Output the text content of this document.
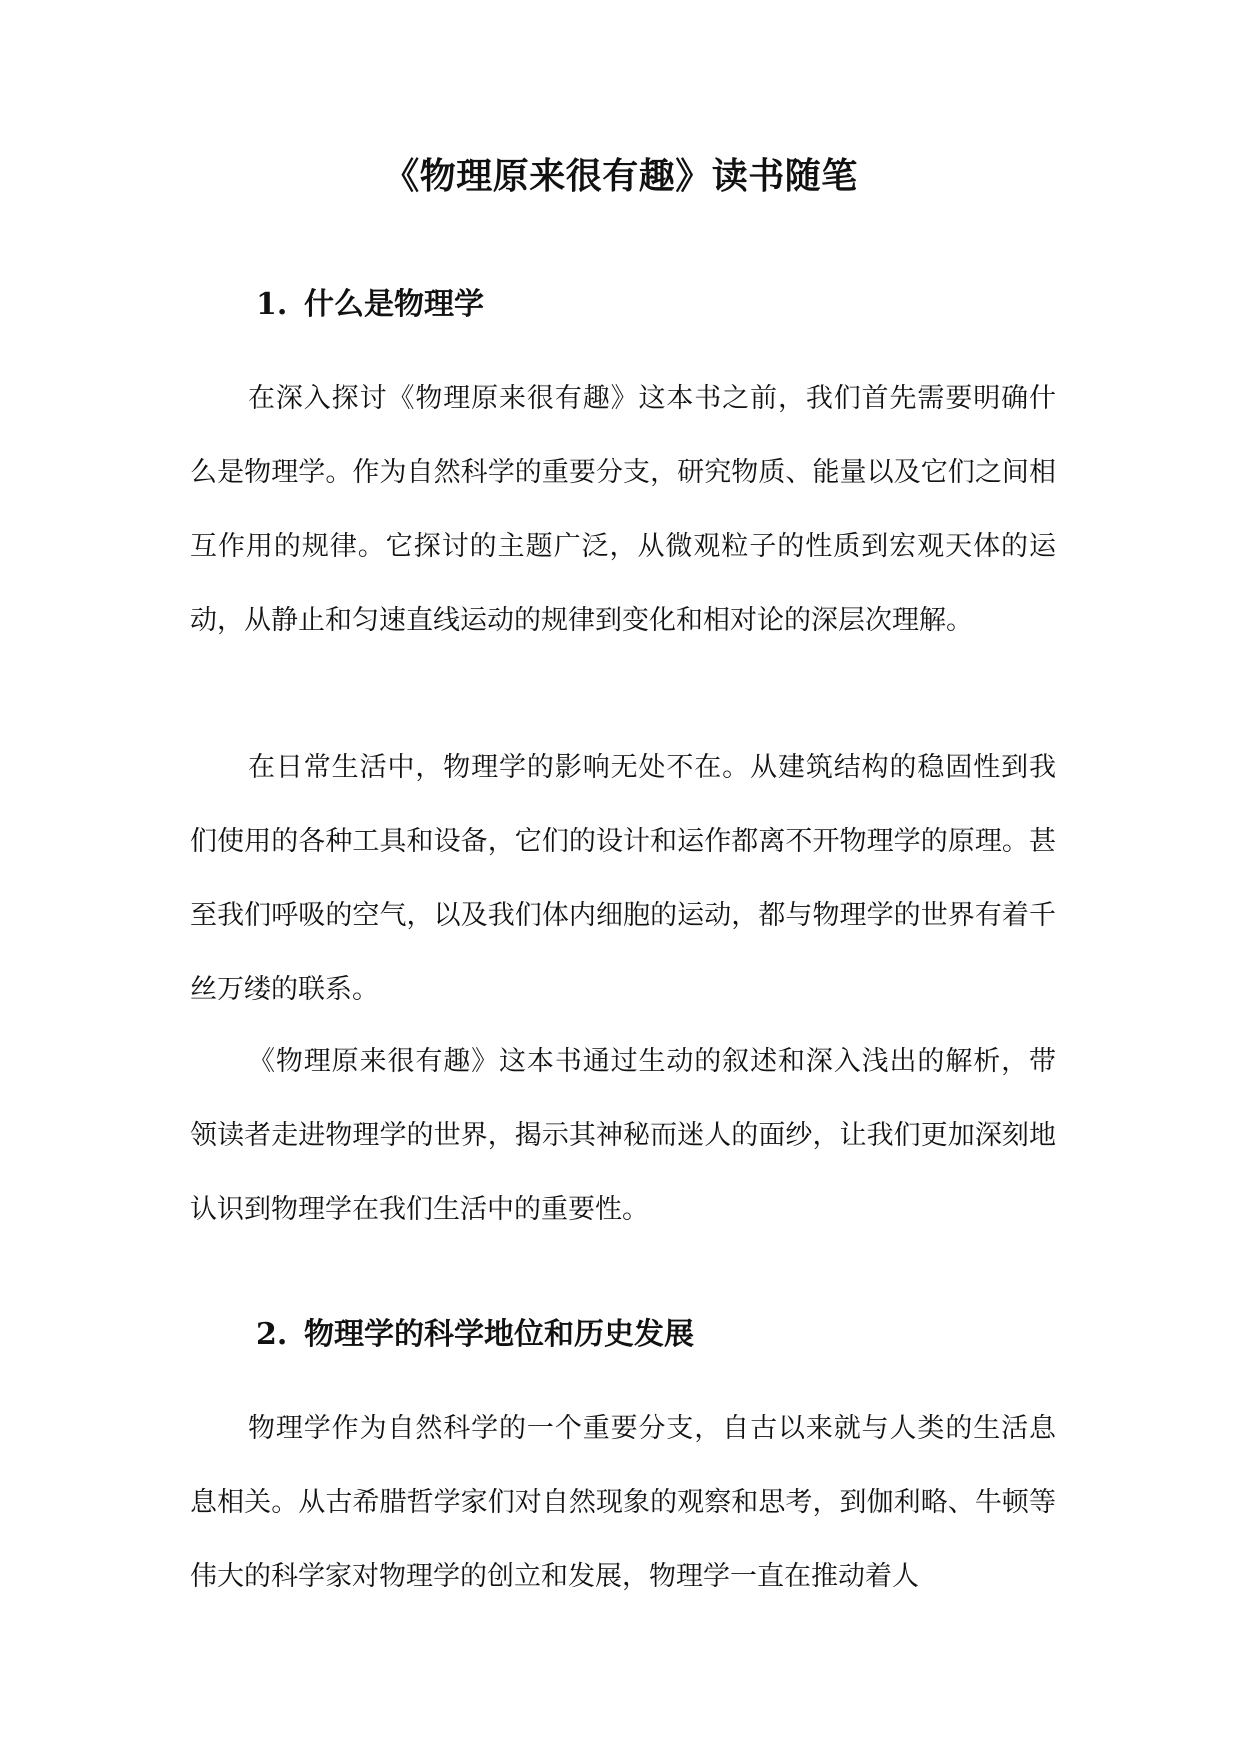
《物理原来很有趣》读书随笔
1. 什么是物理学

在深入探讨《物理原来很有趣》这本书之前，我们首先需要明确什么是物理学。作为自然科学的重要分支，研究物质、能量以及它们之间相互作用的规律。它探讨的主题广泛，从微观粒子的性质到宏观天体的运动，从静止和匀速直线运动的规律到变化和相对论的深层次理解。

在日常生活中，物理学的影响无处不在。从建筑结构的稳固性到我们使用的各种工具和设备，它们的设计和运作都离不开物理学的原理。甚至我们呼吸的空气，以及我们体内细胞的运动，都与物理学的世界有着千丝万缕的联系。

《物理原来很有趣》这本书通过生动的叙述和深入浅出的解析，带领读者走进物理学的世界，揭示其神秘而迷人的面纱，让我们更加深刻地认识到物理学在我们生活中的重要性。

2. 物理学的科学地位和历史发展

物理学作为自然科学的一个重要分支，自古以来就与人类的生活息息相关。从古希腊哲学家们对自然现象的观察和思考，到伽利略、牛顿等伟大的科学家对物理学的创立和发展，物理学一直在推动着人
